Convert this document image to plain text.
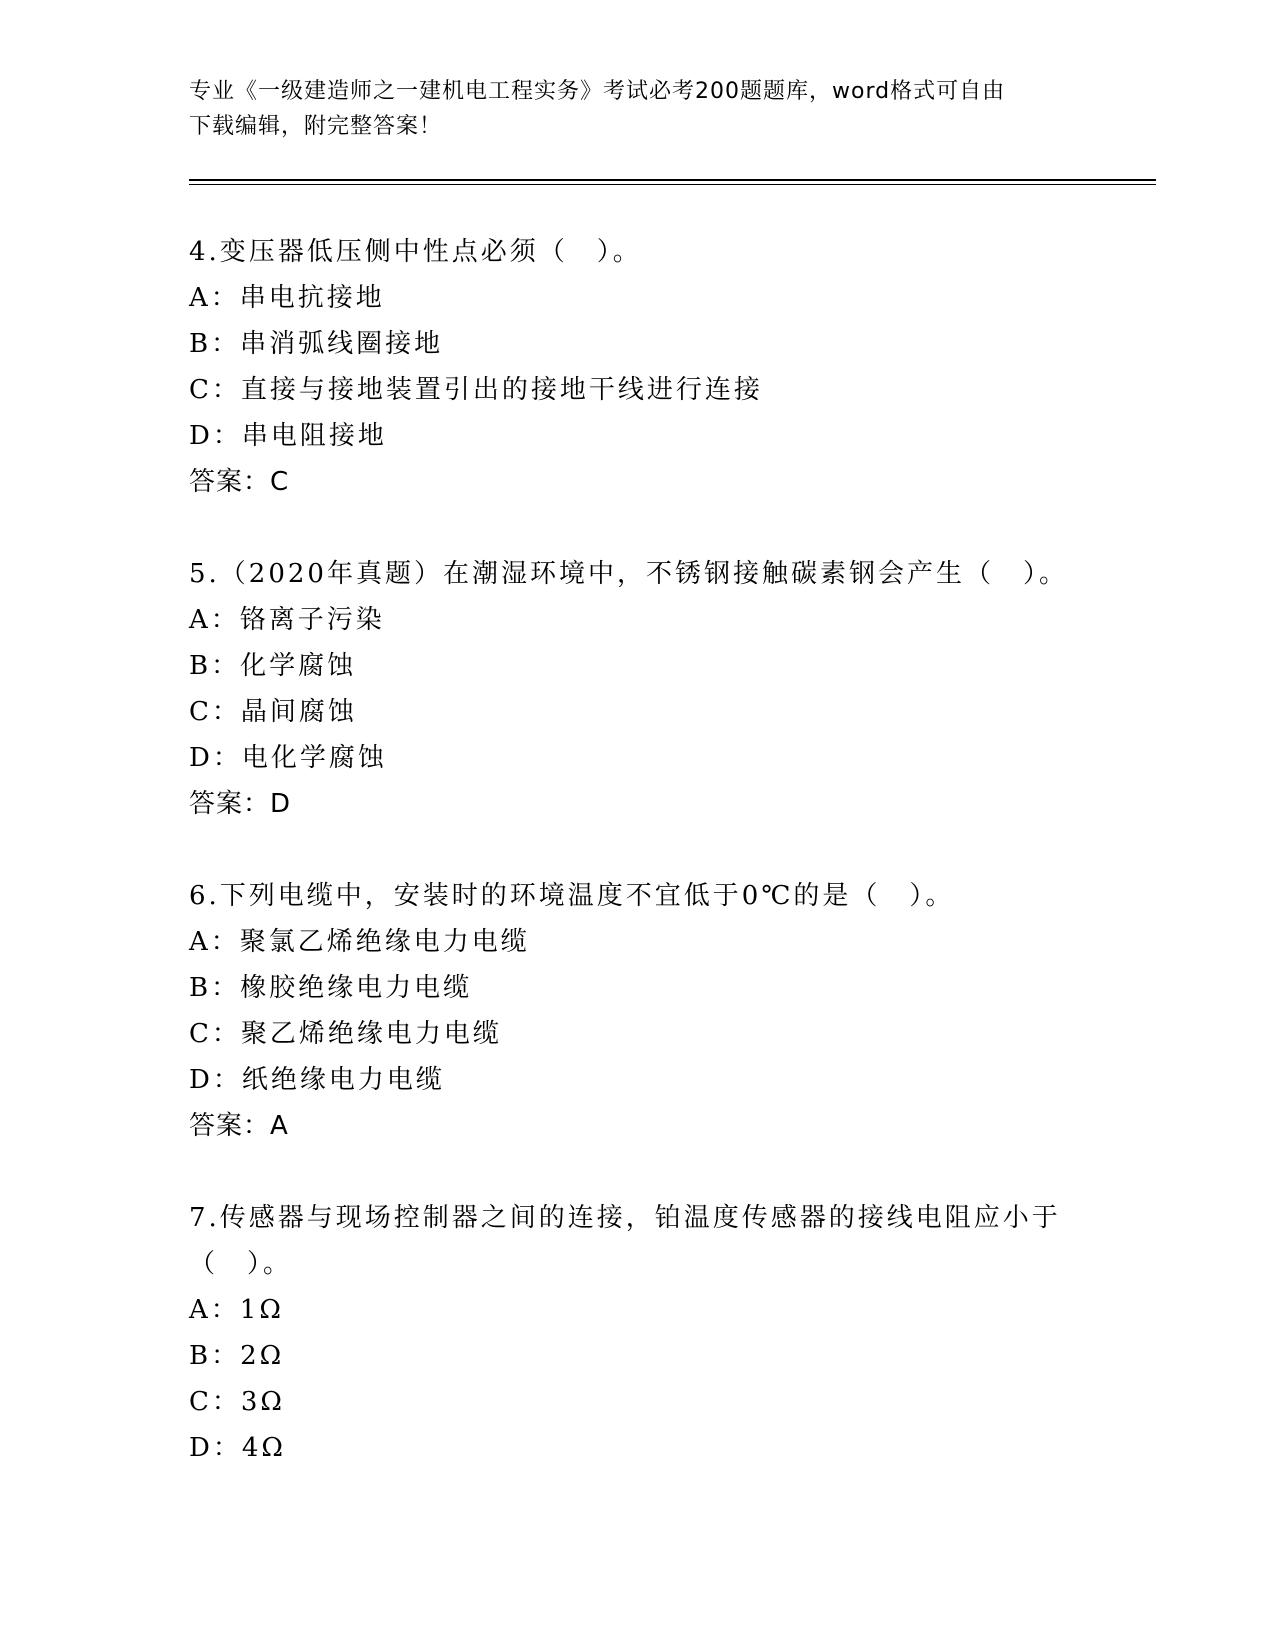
专业《一级建造师之一建机电工程实务》考试必考200题题库，word格式可自由

下载编辑，附完整答案！

4.变压器低压侧中性点必须（　）。
A：串电抗接地
B：串消弧线圈接地
C：直接与接地装置引出的接地干线进行连接
D：串电阻接地
答案：C
5.（2020年真题）在潮湿环境中，不锈钢接触碳素钢会产生（　）。
A：铬离子污染
B：化学腐蚀
C：晶间腐蚀
D：电化学腐蚀
答案：D
6.下列电缆中，安装时的环境温度不宜低于0℃的是（　）。
A：聚氯乙烯绝缘电力电缆
B：橡胶绝缘电力电缆
C：聚乙烯绝缘电力电缆
D：纸绝缘电力电缆
答案：A
7.传感器与现场控制器之间的连接，铂温度传感器的接线电阻应小于
（　）。
A：1Ω
B：2Ω
C：3Ω
D：4Ω
